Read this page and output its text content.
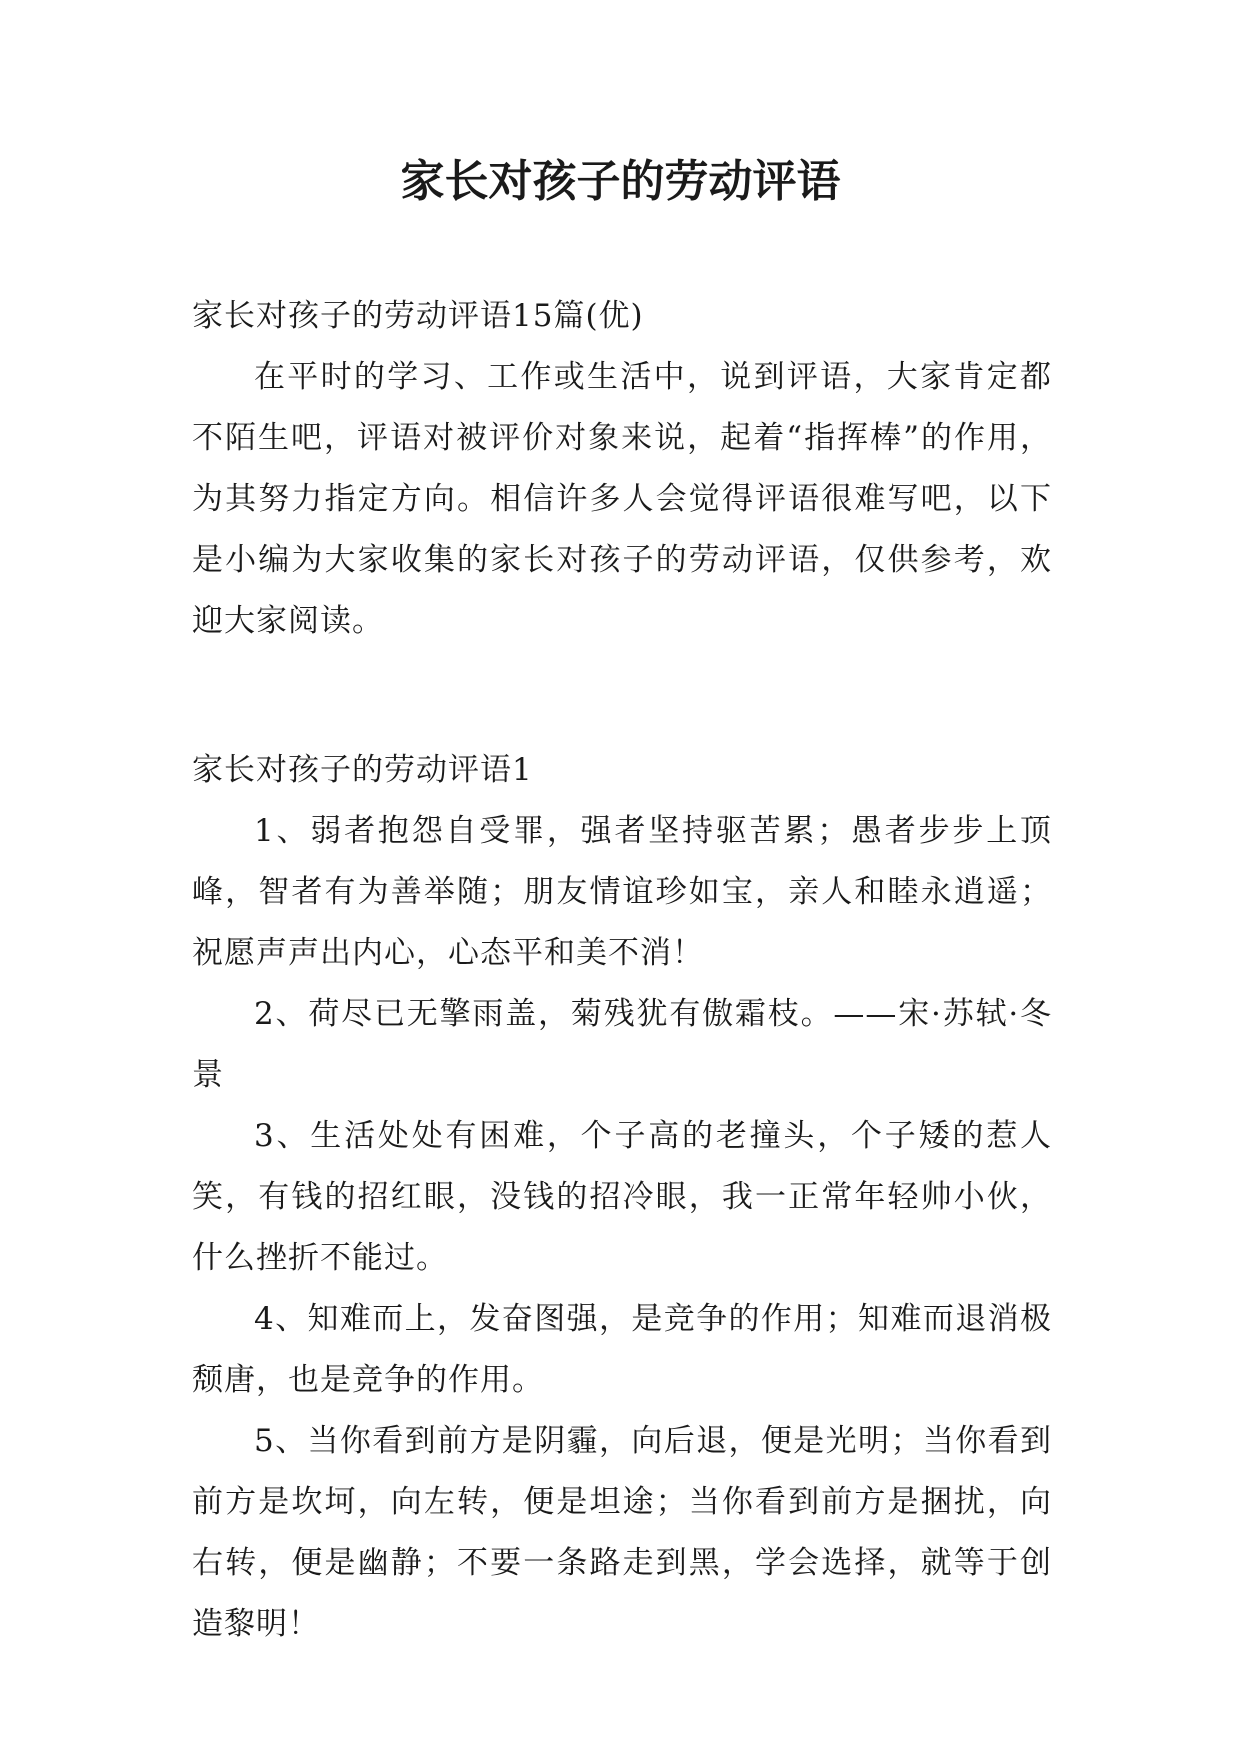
家长对孩子的劳动评语

家长对孩子的劳动评语15篇(优)

在平时的学习、工作或生活中，说到评语，大家肯定都不陌生吧，评语对被评价对象来说，起着“指挥棒”的作用，为其努力指定方向。相信许多人会觉得评语很难写吧，以下是小编为大家收集的家长对孩子的劳动评语，仅供参考，欢迎大家阅读。

家长对孩子的劳动评语1

1、弱者抱怨自受罪，强者坚持驱苦累；愚者步步上顶峰，智者有为善举随；朋友情谊珍如宝，亲人和睦永逍遥；祝愿声声出内心，心态平和美不消！

2、荷尽已无擎雨盖，菊残犹有傲霜枝。——宋·苏轼·冬景

3、生活处处有困难，个子高的老撞头，个子矮的惹人笑，有钱的招红眼，没钱的招冷眼，我一正常年轻帅小伙，什么挫折不能过。

4、知难而上，发奋图强，是竞争的作用；知难而退消极颓唐，也是竞争的作用。

5、当你看到前方是阴霾，向后退，便是光明；当你看到前方是坎坷，向左转，便是坦途；当你看到前方是捆扰，向右转，便是幽静；不要一条路走到黑，学会选择，就等于创造黎明！
